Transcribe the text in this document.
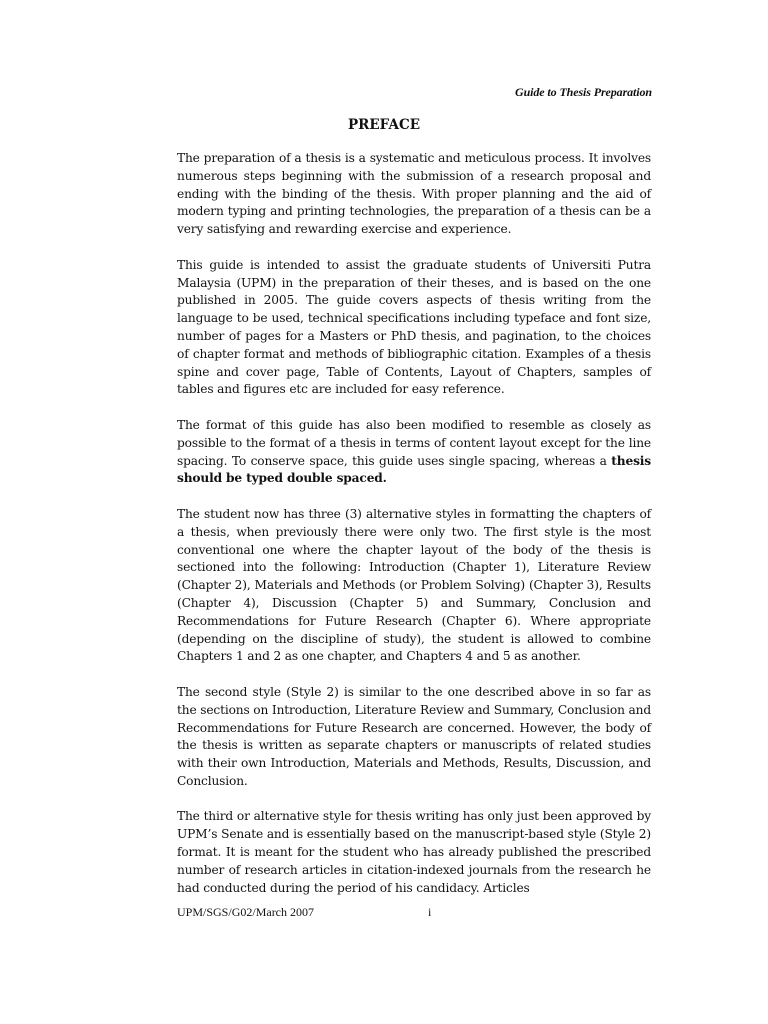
Guide to Thesis Preparation
PREFACE

The preparation of a thesis is a systematic and meticulous process. It involves numerous steps beginning with the submission of a research proposal and ending with the binding of the thesis. With proper planning and the aid of modern typing and printing technologies, the preparation of a thesis can be a very satisfying and rewarding exercise and experience.

This guide is intended to assist the graduate students of Universiti Putra Malaysia (UPM) in the preparation of their theses, and is based on the one published in 2005. The guide covers aspects of thesis writing from the language to be used, technical specifications including typeface and font size, number of pages for a Masters or PhD thesis, and pagination, to the choices of chapter format and methods of bibliographic citation. Examples of a thesis spine and cover page, Table of Contents, Layout of Chapters, samples of tables and figures etc are included for easy reference.

The format of this guide has also been modified to resemble as closely as possible to the format of a thesis in terms of content layout except for the line spacing. To conserve space, this guide uses single spacing, whereas a thesis should be typed double spaced.

The student now has three (3) alternative styles in formatting the chapters of a thesis, when previously there were only two. The first style is the most conventional one where the chapter layout of the body of the thesis is sectioned into the following: Introduction (Chapter 1), Literature Review (Chapter 2), Materials and Methods (or Problem Solving) (Chapter 3), Results (Chapter 4), Discussion (Chapter 5) and Summary, Conclusion and Recommendations for Future Research (Chapter 6). Where appropriate (depending on the discipline of study), the student is allowed to combine Chapters 1 and 2 as one chapter, and Chapters 4 and 5 as another.

The second style (Style 2) is similar to the one described above in so far as the sections on Introduction, Literature Review and Summary, Conclusion and Recommendations for Future Research are concerned. However, the body of the thesis is written as separate chapters or manuscripts of related studies with their own Introduction, Materials and Methods, Results, Discussion, and Conclusion.

The third or alternative style for thesis writing has only just been approved by UPM’s Senate and is essentially based on the manuscript-based style (Style 2) format. It is meant for the student who has already published the prescribed number of research articles in citation-indexed journals from the research he had conducted during the period of his candidacy. Articles

UPM/SGS/G02/March 2007	i
